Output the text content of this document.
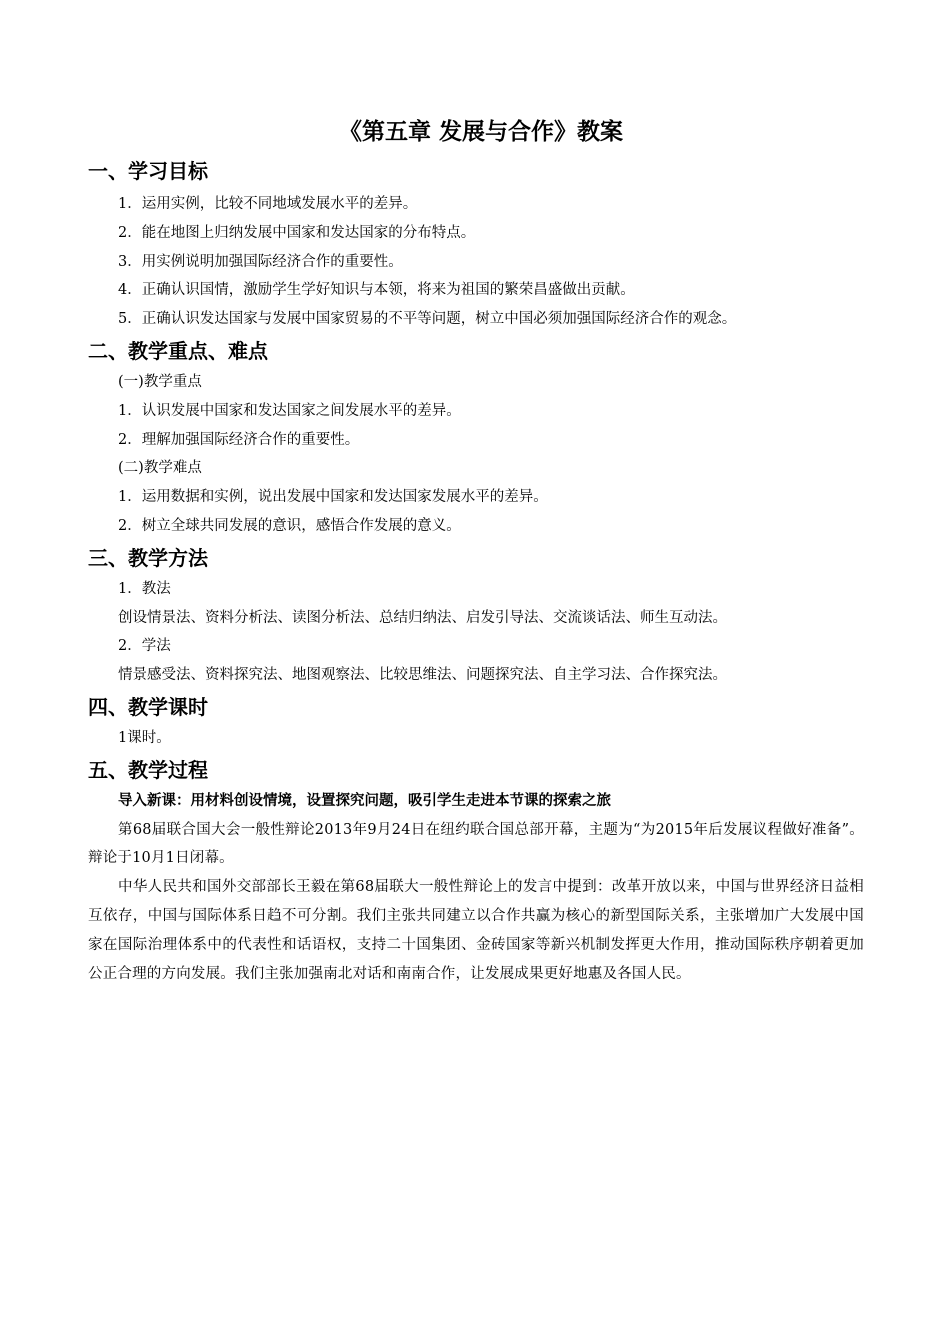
《第五章 发展与合作》教案
一、学习目标
1．运用实例，比较不同地域发展水平的差异。
2．能在地图上归纳发展中国家和发达国家的分布特点。
3．用实例说明加强国际经济合作的重要性。
4．正确认识国情，激励学生学好知识与本领，将来为祖国的繁荣昌盛做出贡献。
5．正确认识发达国家与发展中国家贸易的不平等问题，树立中国必须加强国际经济合作的观念。
二、教学重点、难点
(一)教学重点
1．认识发展中国家和发达国家之间发展水平的差异。
2．理解加强国际经济合作的重要性。
(二)教学难点
1．运用数据和实例，说出发展中国家和发达国家发展水平的差异。
2．树立全球共同发展的意识，感悟合作发展的意义。
三、教学方法
1．教法
创设情景法、资料分析法、读图分析法、总结归纳法、启发引导法、交流谈话法、师生互动法。
2．学法
情景感受法、资料探究法、地图观察法、比较思维法、问题探究法、自主学习法、合作探究法。
四、教学课时
1课时。
五、教学过程
导入新课：用材料创设情境，设置探究问题，吸引学生走进本节课的探索之旅

第68届联合国大会一般性辩论2013年9月24日在纽约联合国总部开幕，主题为“为2015年后发展议程做好准备”。辩论于10月1日闭幕。

中华人民共和国外交部部长王毅在第68届联大一般性辩论上的发言中提到：改革开放以来，中国与世界经济日益相互依存，中国与国际体系日趋不可分割。我们主张共同建立以合作共赢为核心的新型国际关系，主张增加广大发展中国家在国际治理体系中的代表性和话语权，支持二十国集团、金砖国家等新兴机制发挥更大作用，推动国际秩序朝着更加公正合理的方向发展。我们主张加强南北对话和南南合作，让发展成果更好地惠及各国人民。
